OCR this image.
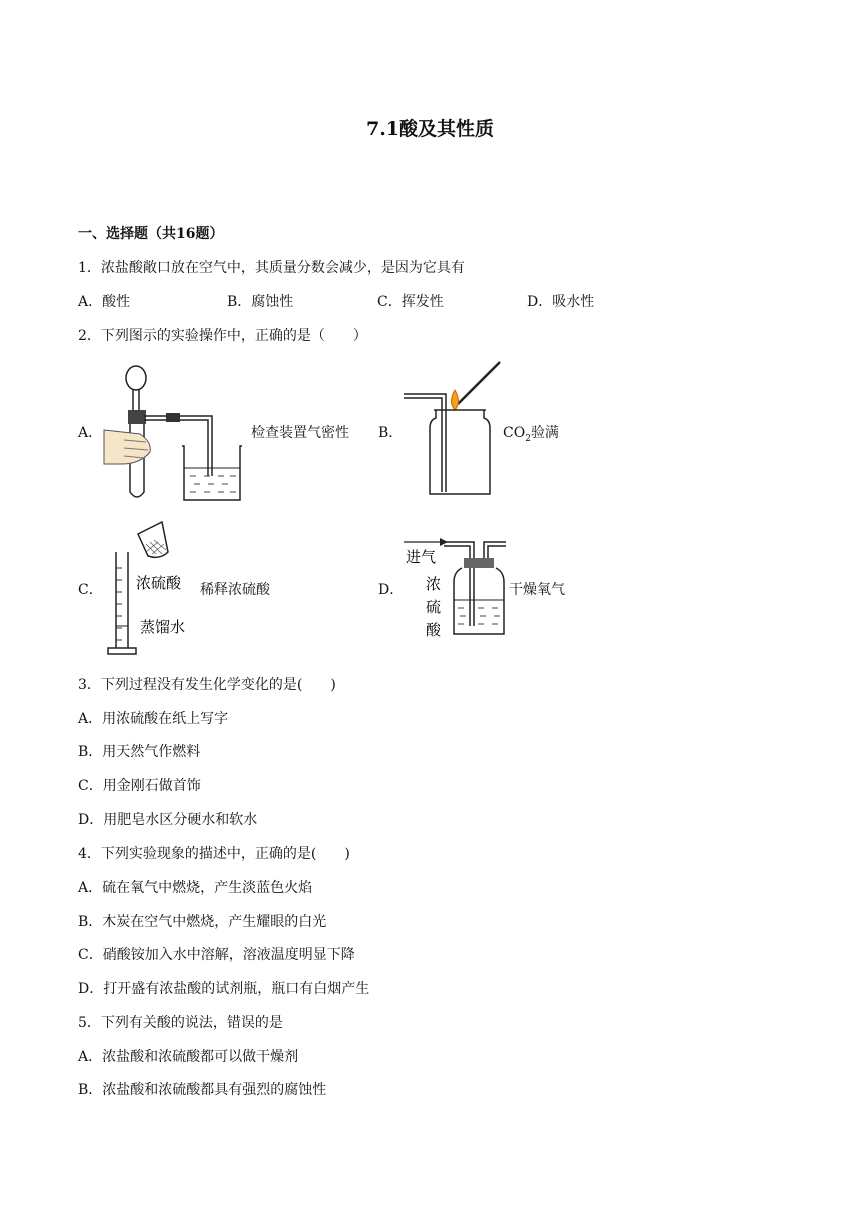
7.1酸及其性质
一、选择题（共16题）
1．浓盐酸敞口放在空气中，其质量分数会减少，是因为它具有
A．酸性	B．腐蚀性	C．挥发性	D．吸水性
2．下列图示的实验操作中，正确的是（　　）
A．	检查装置气密性 B．	$CO_2$验满
C． 浓硫酸
蒸馏水
稀释浓硫酸	D．
进气
浓
硫
酸
干燥氧气
3．下列过程没有发生化学变化的是(　　)
A．用浓硫酸在纸上写字
B．用天然气作燃料
C．用金刚石做首饰
D．用肥皂水区分硬水和软水
4．下列实验现象的描述中，正确的是(　　)
A．硫在氧气中燃烧，产生淡蓝色火焰
B．木炭在空气中燃烧，产生耀眼的白光
C．硝酸铵加入水中溶解，溶液温度明显下降
D．打开盛有浓盐酸的试剂瓶，瓶口有白烟产生
5．下列有关酸的说法，错误的是
A．浓盐酸和浓硫酸都可以做干燥剂
B．浓盐酸和浓硫酸都具有强烈的腐蚀性
